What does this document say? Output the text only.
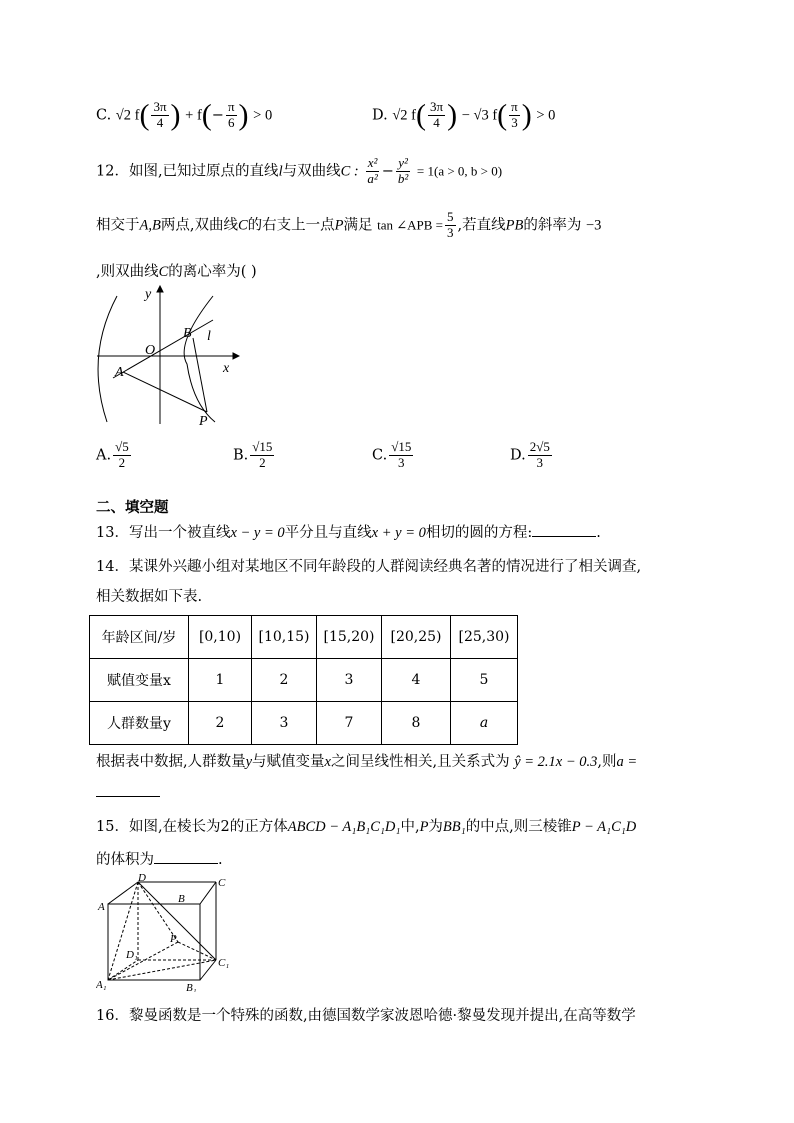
C. √2 $f( \frac{3\pi}{4}$ ) + $f(- \frac{\pi}{6}$ ) > 0	D. √2 $f( \frac{3\pi}{4}$ ) − √3 $f( \frac{\pi}{3}$ ) > 0
12．如图,已知过原点的直线l与双曲线C : $\frac{\text{x²}}{\text{a²}} - \frac{\text{y²}}{\text{b²}} = 1(a > 0$, b > 0)
相交于A,B两点,双曲线C的右支上一点P满足 tan ∠APB = $\frac{5}{3}$ ,若直线PB的斜率为 −3
,则双曲线C的离心率为( )
y
x
O
A
B l
P
A. $\frac{√5}{2}$	B. $\frac{√15}{2}$	C. $\frac{√15}{3}$	D. $\frac{2√5}{3}$
二、填空题
13．写出一个被直线x − y = 0平分且与直线x + y = 0相切的圆的方程:	.
14．某课外兴趣小组对某地区不同年龄段的人群阅读经典名著的情况进行了相关调查,
相关数据如下表.
年龄区间/岁	[0,10)	[10,15)	[15,20)	[20,25)	[25,30)
赋值变量x	1	2	3	4	5
人群数量y	2	3	7	8	a
根据表中数据,人群数量y与赋值变量x之间呈线性相关,且关系式为 ŷ = 2.1x − 0.3,则a =
15．如图,在棱长为2的正方体ABCD − A₁B₁C₁D₁中,P为BB₁的中点,则三棱锥P − A₁C₁D
的体积为	.
D	C
A
B
P
D₁
C₁
A₁	B₁
16．黎曼函数是一个特殊的函数,由德国数学家波恩哈德·黎曼发现并提出,在高等数学
